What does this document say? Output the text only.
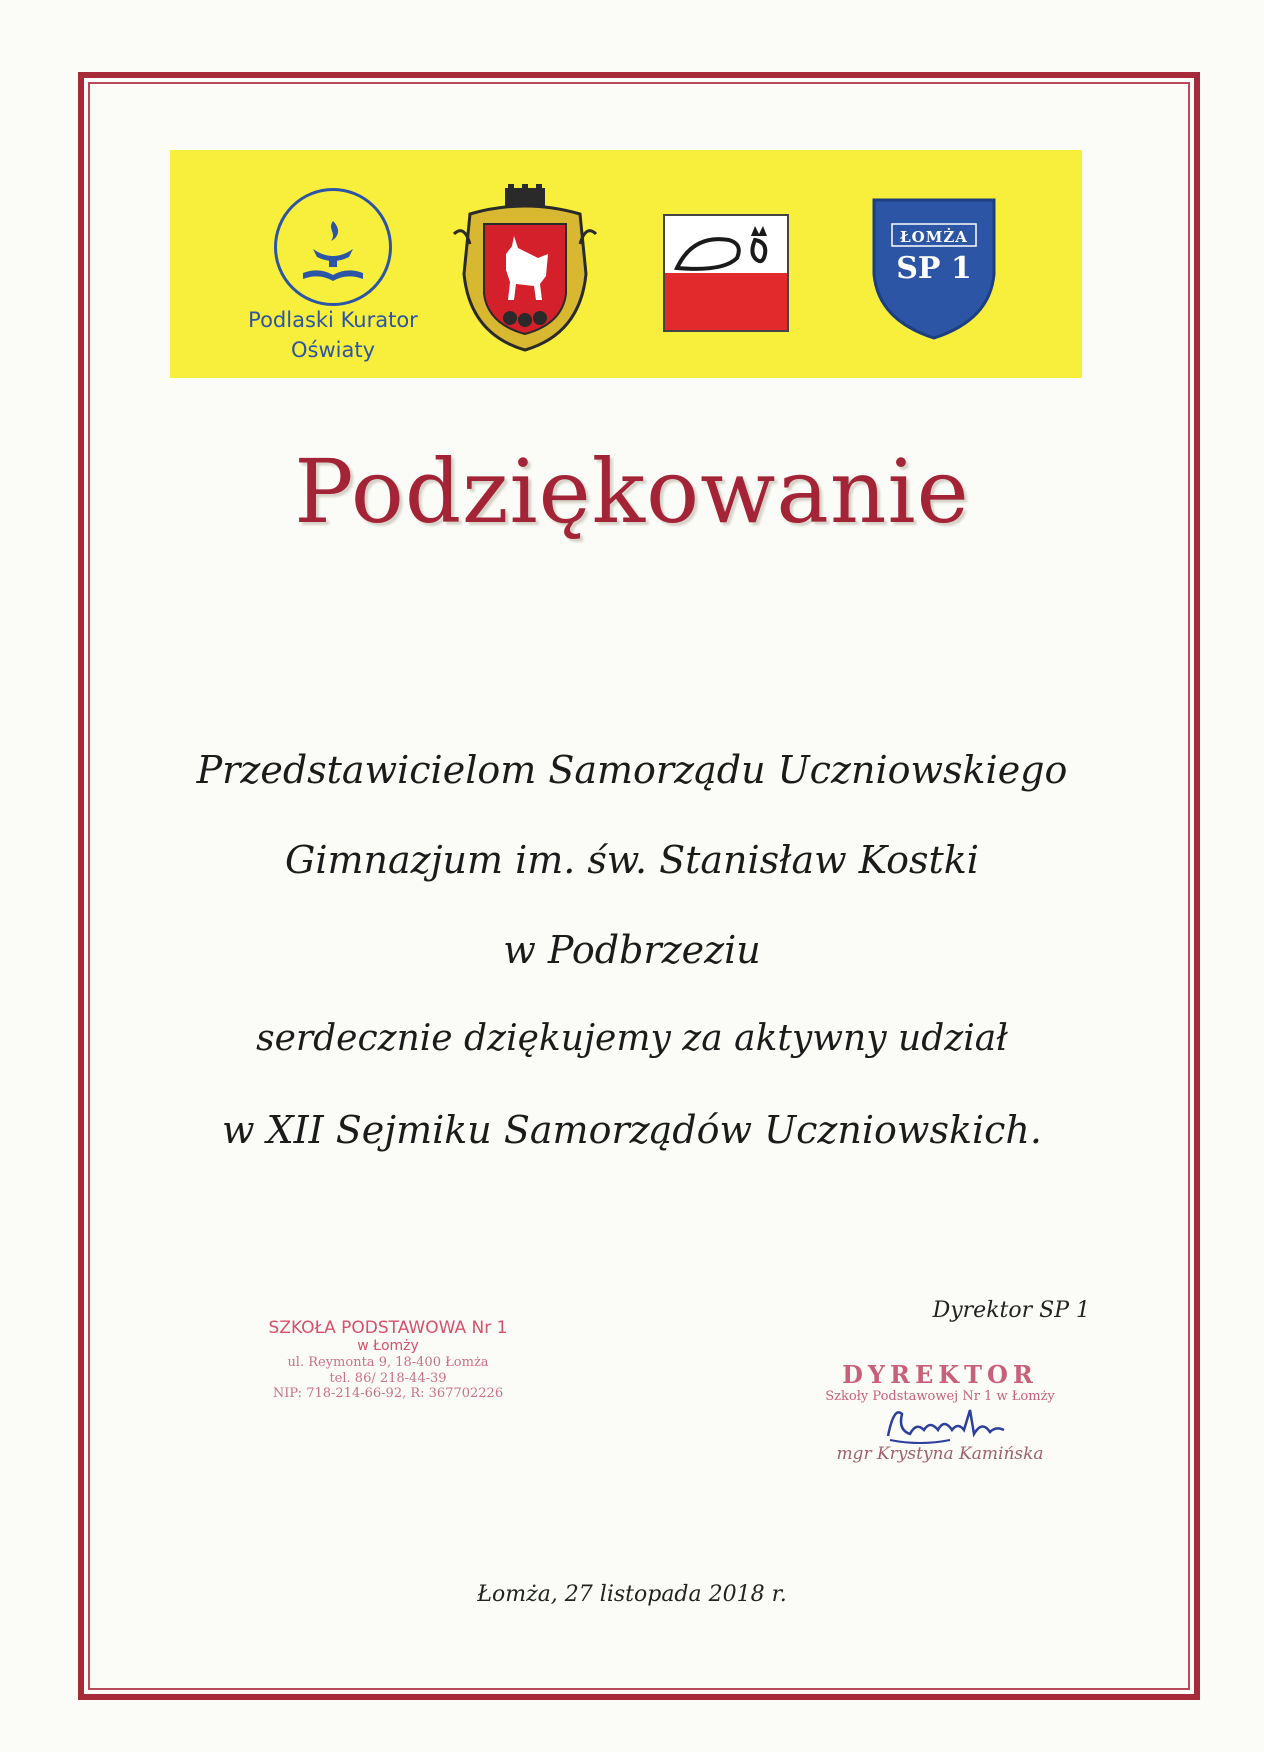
Podlaski Kurator
Oświaty
ŁOMŻA
SP 1
Podziękowanie
Przedstawicielom Samorządu Uczniowskiego
Gimnazjum im. św. Stanisław Kostki
w Podbrzeziu
serdecznie dziękujemy za aktywny udział
w XII Sejmiku Samorządów Uczniowskich.
SZKOŁA PODSTAWOWA Nr 1
w Łomży
ul. Reymonta 9, 18-400 Łomża
tel. 86/ 218-44-39
NIP: 718-214-66-92, R: 367702226
Dyrektor SP 1
DYREKTOR
Szkoły Podstawowej Nr 1 w Łomży
mgr Krystyna Kamińska
Łomża, 27 listopada 2018 r.
